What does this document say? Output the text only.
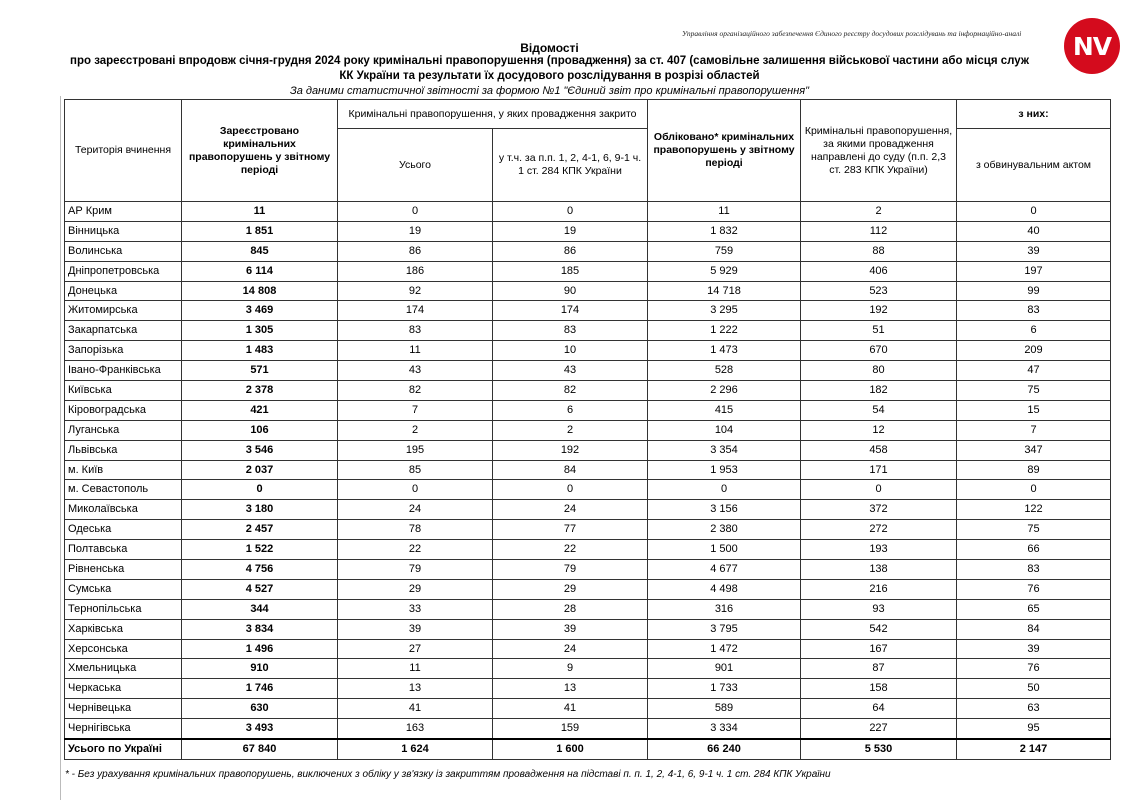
Управління організаційного забезпечення Єдиного реєстру досудових розслідувань та інформаційно-аналі	NV
Відомості
про зареєстровані впродовж січня-грудня 2024 року кримінальні правопорушення (провадження) за ст. 407 (самовільне залишення військової частини або місця служ
КК України та результати їх досудового розслідування в розрізі областей
За даними статистичної звітності за формою №1 "Єдиний звіт про кримінальні правопорушення"
Територія вчинення	Зареєстровано кримінальних правопорушень у звітному періоді	Кримінальні правопорушення, у яких провадження закрито		Обліковано* кримінальних правопорушень у звітному періоді	Кримінальні правопорушення, за якими провадження направлені до суду (п.п. 2,3 ст. 283 КПК України)	з них:
		Усього	у т.ч. за п.п. 1, 2, 4-1, 6, 9-1 ч. 1 ст. 284 КПК України			з обвинувальним актом
АР Крим	11	0	0	11	2	0
Вінницька	1 851	19	19	1 832	112	40
Волинська	845	86	86	759	88	39
Дніпропетровська	6 114	186	185	5 929	406	197
Донецька	14 808	92	90	14 718	523	99
Житомирська	3 469	174	174	3 295	192	83
Закарпатська	1 305	83	83	1 222	51	6
Запорізька	1 483	11	10	1 473	670	209
Івано-Франківська	571	43	43	528	80	47
Київська	2 378	82	82	2 296	182	75
Кіровоградська	421	7	6	415	54	15
Луганська	106	2	2	104	12	7
Львівська	3 546	195	192	3 354	458	347
м. Київ	2 037	85	84	1 953	171	89
м. Севастополь	0	0	0	0	0	0
Миколаївська	3 180	24	24	3 156	372	122
Одеська	2 457	78	77	2 380	272	75
Полтавська	1 522	22	22	1 500	193	66
Рівненська	4 756	79	79	4 677	138	83
Сумська	4 527	29	29	4 498	216	76
Тернопільська	344	33	28	316	93	65
Харківська	3 834	39	39	3 795	542	84
Херсонська	1 496	27	24	1 472	167	39
Хмельницька	910	11	9	901	87	76
Черкаська	1 746	13	13	1 733	158	50
Чернівецька	630	41	41	589	64	63
Чернігівська	3 493	163	159	3 334	227	95
Усього по Україні	67 840	1 624	1 600	66 240	5 530	2 147
* - Без урахування кримінальних правопорушень, виключених з обліку у зв'язку із закриттям провадження на підставі п. п. 1, 2, 4-1, 6, 9-1 ч. 1 ст. 284 КПК України
